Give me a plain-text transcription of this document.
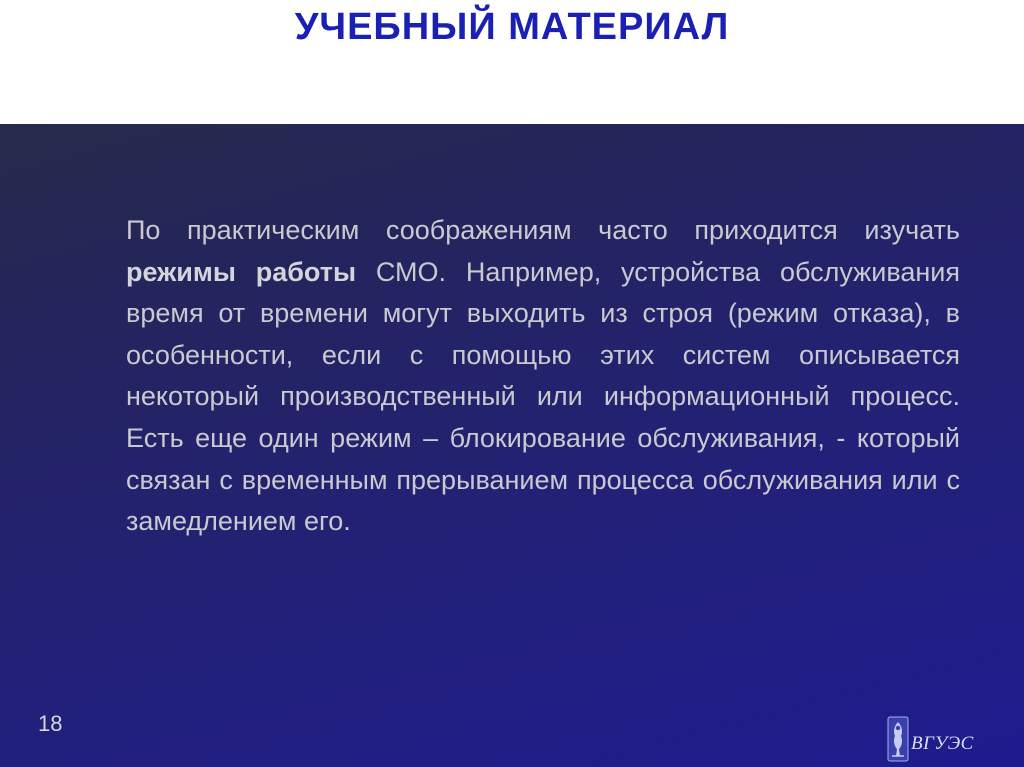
УЧЕБНЫЙ МАТЕРИАЛ

По практическим соображениям часто приходится изучать режимы работы СМО. Например, устройства обслуживания время от времени могут выходить из строя (режим отказа), в особенности, если с помощью этих систем описывается некоторый производственный или информационный процесс. Есть еще один режим – блокирование обслуживания, - который связан с временным прерыванием процесса обслуживания или с замедлением его.

18
ВГУЭС
